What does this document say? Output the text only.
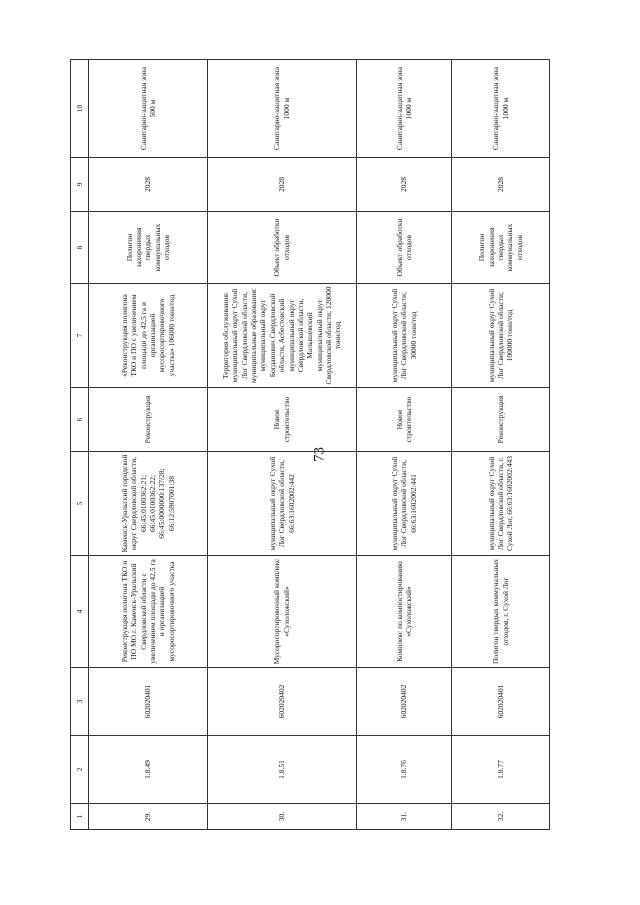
73
1	2	3	4	5	6	7	8	9	10
29.	1.8.49	602020401	Реконструкция полигона ТКО и ПО МО г. Каменск-Уральский Свердловской области с увеличением площади до 42,5 га и организацией мусоросортировочного участка	Каменск-Уральский городской округ Свердловской области, 66:45:0100362:21; 66:45:0100362:22; 66:45:0000000:137/28; 66:12:5907001:38	Реконструкция	«Реконструкция полигона ТКО и ПО с увеличением площади до 42,5 га и организацией мусоросортировочного участка» 106000 тонн/год	Полигон захоронения твердых коммунальных отходов	2028	Санитарно-защитная зона 500 м
30.	1.8.51	602020402	Мусоросортировочный комплекс «Сухоложский»	муниципальный округ Сухой Лог Свердловской области, 66:63:1602002:442	Новое строительство	Территория обслуживания: муниципальный округ Сухой Лог Свердловской области, муниципальные образования: муниципальный округ Богданович Свердловской области, Асбестовский муниципальный округ Свердловской области, Малышевский муниципальный округ Свердловской области; 120000 тонн/год	Объект обработки отходов	2028	Санитарно-защитная зона 1000 м
31.	1.8.76	602020402	Комплекс по компостированию «Сухоложский»	муниципальный округ Сухой Лог Свердловской области, 66:63:1602002:441	Новое строительство	муниципальный округ Сухой Лог Свердловской области; 30000 тонн/год	Объект обработки отходов	2028	Санитарно-защитная зона 1000 м
32.	1.8.77	602020401	Полигон твердых коммунальных отходов, г. Сухой Лог	муниципальный округ Сухой Лог Свердловской области, г. Сухой Лог, 66:63:1602002:443	Реконструкция	муниципальный округ Сухой Лог Свердловской области; 100000 тонн/год	Полигон захоронения твердых коммунальных отходов	2028	Санитарно-защитная зона 1000 м
